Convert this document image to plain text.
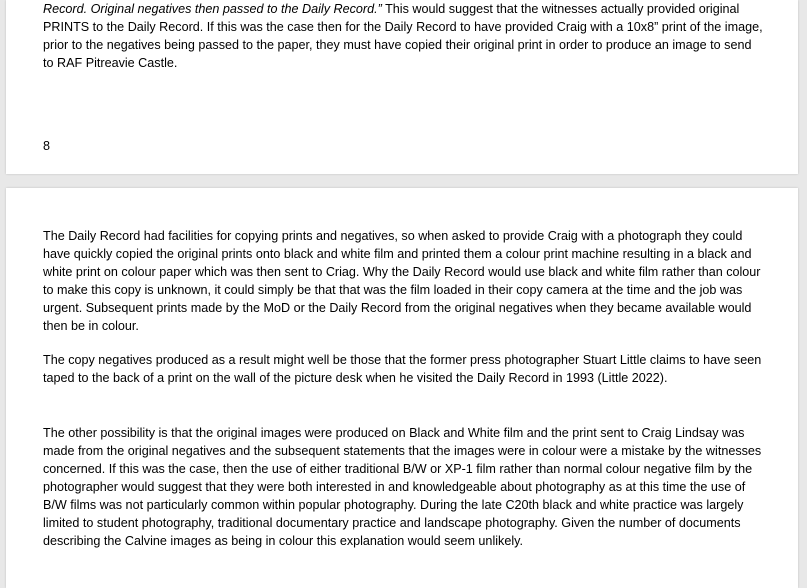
Record. Original negatives then passed to the Daily Record.” This would suggest that the witnesses actually provided original PRINTS to the Daily Record. If this was the case then for the Daily Record to have provided Craig with a 10x8” print of the image, prior to the negatives being passed to the paper, they must have copied their original print in order to produce an image to send to RAF Pitreavie Castle.

8

The Daily Record had facilities for copying prints and negatives, so when asked to provide Craig with a photograph they could have quickly copied the original prints onto black and white film and printed them a colour print machine resulting in a black and white print on colour paper which was then sent to Criag. Why the Daily Record would use black and white film rather than colour to make this copy is unknown, it could simply be that that was the film loaded in their copy camera at the time and the job was urgent. Subsequent prints made by the MoD or the Daily Record from the original negatives when they became available would then be in colour.

The copy negatives produced as a result might well be those that the former press photographer Stuart Little claims to have seen taped to the back of a print on the wall of the picture desk when he visited the Daily Record in 1993 (Little 2022).

The other possibility is that the original images were produced on Black and White film and the print sent to Craig Lindsay was made from the original negatives and the subsequent statements that the images were in colour were a mistake by the witnesses concerned. If this was the case, then the use of either traditional B/W or XP-1 film rather than normal colour negative film by the photographer would suggest that they were both interested in and knowledgeable about photography as at this time the use of B/W films was not particularly common within popular photography. During the late C20th black and white practice was largely limited to student photography, traditional documentary practice and landscape photography. Given the number of documents describing the Calvine images as being in colour this explanation would seem unlikely.
